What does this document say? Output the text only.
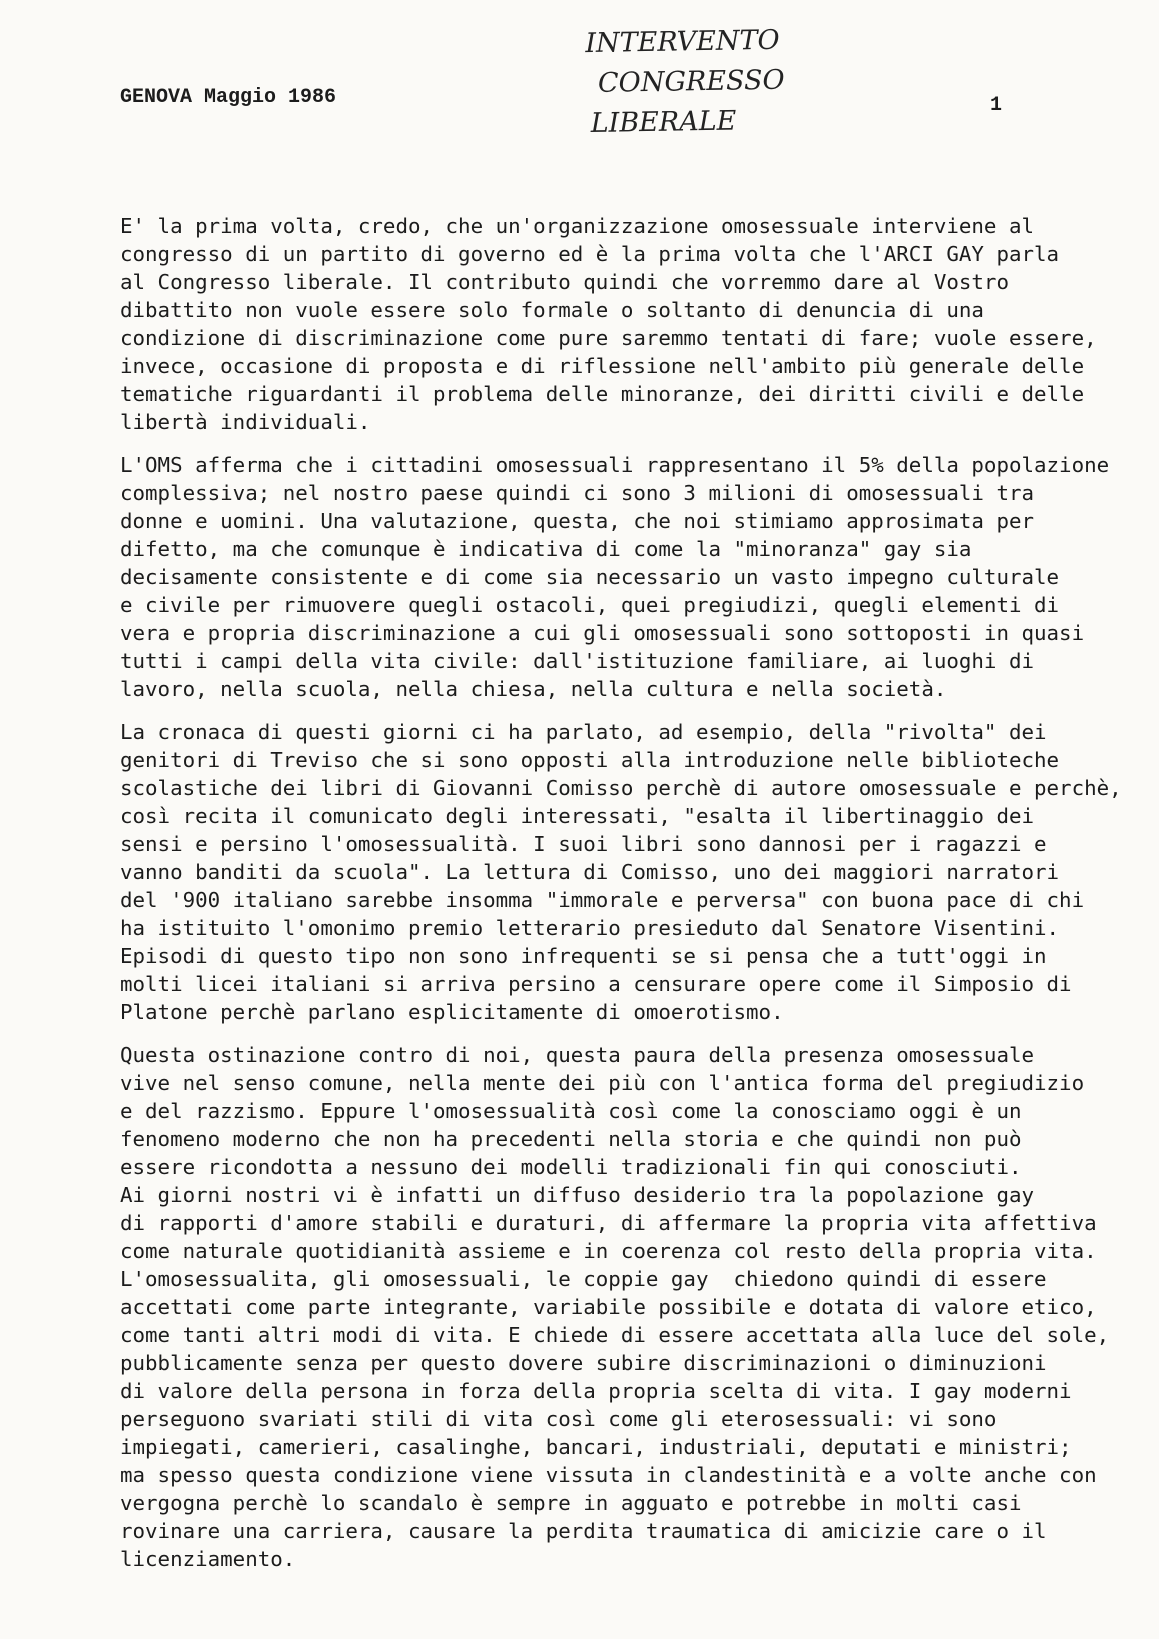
GENOVA Maggio 1986	1
INTERVENTO
CONGRESSO
LIBERALE
E' la prima volta, credo, che un'organizzazione omosessuale interviene al
congresso di un partito di governo ed è la prima volta che l'ARCI GAY parla
al Congresso liberale. Il contributo quindi che vorremmo dare al Vostro
dibattito non vuole essere solo formale o soltanto di denuncia di una
condizione di discriminazione come pure saremmo tentati di fare; vuole essere,
invece, occasione di proposta e di riflessione nell'ambito più generale delle
tematiche riguardanti il problema delle minoranze, dei diritti civili e delle
libertà individuali.
L'OMS afferma che i cittadini omosessuali rappresentano il 5% della popolazione
complessiva; nel nostro paese quindi ci sono 3 milioni di omosessuali tra
donne e uomini. Una valutazione, questa, che noi stimiamo approsimata per
difetto, ma che comunque è indicativa di come la "minoranza" gay sia
decisamente consistente e di come sia necessario un vasto impegno culturale
e civile per rimuovere quegli ostacoli, quei pregiudizi, quegli elementi di
vera e propria discriminazione a cui gli omosessuali sono sottoposti in quasi
tutti i campi della vita civile: dall'istituzione familiare, ai luoghi di
lavoro, nella scuola, nella chiesa, nella cultura e nella società.
La cronaca di questi giorni ci ha parlato, ad esempio, della "rivolta" dei
genitori di Treviso che si sono opposti alla introduzione nelle biblioteche
scolastiche dei libri di Giovanni Comisso perchè di autore omosessuale e perchè,
così recita il comunicato degli interessati, "esalta il libertinaggio dei
sensi e persino l'omosessualità. I suoi libri sono dannosi per i ragazzi e
vanno banditi da scuola". La lettura di Comisso, uno dei maggiori narratori
del '900 italiano sarebbe insomma "immorale e perversa" con buona pace di chi
ha istituito l'omonimo premio letterario presieduto dal Senatore Visentini.
Episodi di questo tipo non sono infrequenti se si pensa che a tutt'oggi in
molti licei italiani si arriva persino a censurare opere come il Simposio di
Platone perchè parlano esplicitamente di omoerotismo.
Questa ostinazione contro di noi, questa paura della presenza omosessuale
vive nel senso comune, nella mente dei più con l'antica forma del pregiudizio
e del razzismo. Eppure l'omosessualità così come la conosciamo oggi è un
fenomeno moderno che non ha precedenti nella storia e che quindi non può
essere ricondotta a nessuno dei modelli tradizionali fin qui conosciuti.
Ai giorni nostri vi è infatti un diffuso desiderio tra la popolazione gay
di rapporti d'amore stabili e duraturi, di affermare la propria vita affettiva
come naturale quotidianità assieme e in coerenza col resto della propria vita.
L'omosessualita, gli omosessuali, le coppie gay  chiedono quindi di essere
accettati come parte integrante, variabile possibile e dotata di valore etico,
come tanti altri modi di vita. E chiede di essere accettata alla luce del sole,
pubblicamente senza per questo dovere subire discriminazioni o diminuzioni
di valore della persona in forza della propria scelta di vita. I gay moderni
perseguono svariati stili di vita così come gli eterosessuali: vi sono
impiegati, camerieri, casalinghe, bancari, industriali, deputati e ministri;
ma spesso questa condizione viene vissuta in clandestinità e a volte anche con
vergogna perchè lo scandalo è sempre in agguato e potrebbe in molti casi
rovinare una carriera, causare la perdita traumatica di amicizie care o il
licenziamento.
